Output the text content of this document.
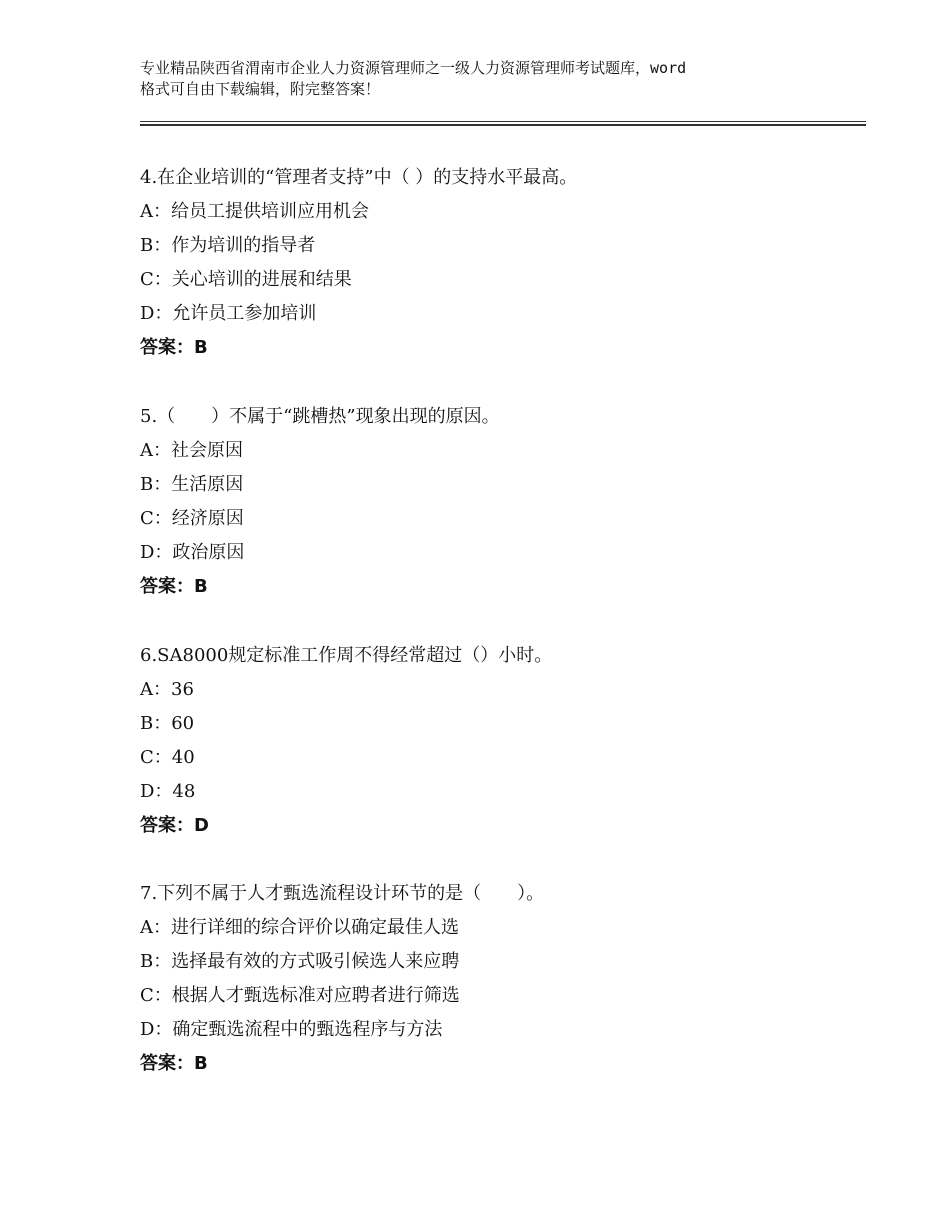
专业精品陕西省渭南市企业人力资源管理师之一级人力资源管理师考试题库，word
格式可自由下载编辑，附完整答案！
4.在企业培训的“管理者支持”中（ ）的支持水平最高。
A：给员工提供培训应用机会
B：作为培训的指导者
C：关心培训的进展和结果
D：允许员工参加培训
答案：B
5.（　　）不属于“跳槽热”现象出现的原因。
A：社会原因
B：生活原因
C：经济原因
D：政治原因
答案：B
6.SA8000规定标准工作周不得经常超过（）小时。
A：36
B：60
C：40
D：48
答案：D
7.下列不属于人才甄选流程设计环节的是（　　）。
A：进行详细的综合评价以确定最佳人选
B：选择最有效的方式吸引候选人来应聘
C：根据人才甄选标准对应聘者进行筛选
D：确定甄选流程中的甄选程序与方法
答案：B
